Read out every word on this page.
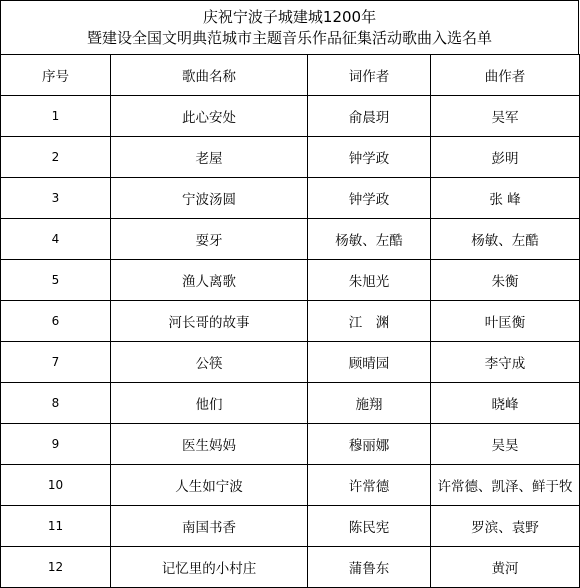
庆祝宁波子城建城1200年
暨建设全国文明典范城市主题音乐作品征集活动歌曲入选名单
序号	歌曲名称	词作者	曲作者
1	此心安处	俞晨玥	吴军
2	老屋	钟学政	彭明
3	宁波汤圆	钟学政	张 峰
4	耍牙	杨敏、左酷	杨敏、左酷
5	渔人离歌	朱旭光	朱衡
6	河长哥的故事	江　渊	叶匡衡
7	公筷	顾晴园	李守成
8	他们	施翔	晓峰
9	医生妈妈	穆丽娜	吴昊
10	人生如宁波	许常德	许常德、凯泽、鲜于牧
11	南国书香	陈民宪	罗滨、袁野
12	记忆里的小村庄	蒲鲁东	黄河
